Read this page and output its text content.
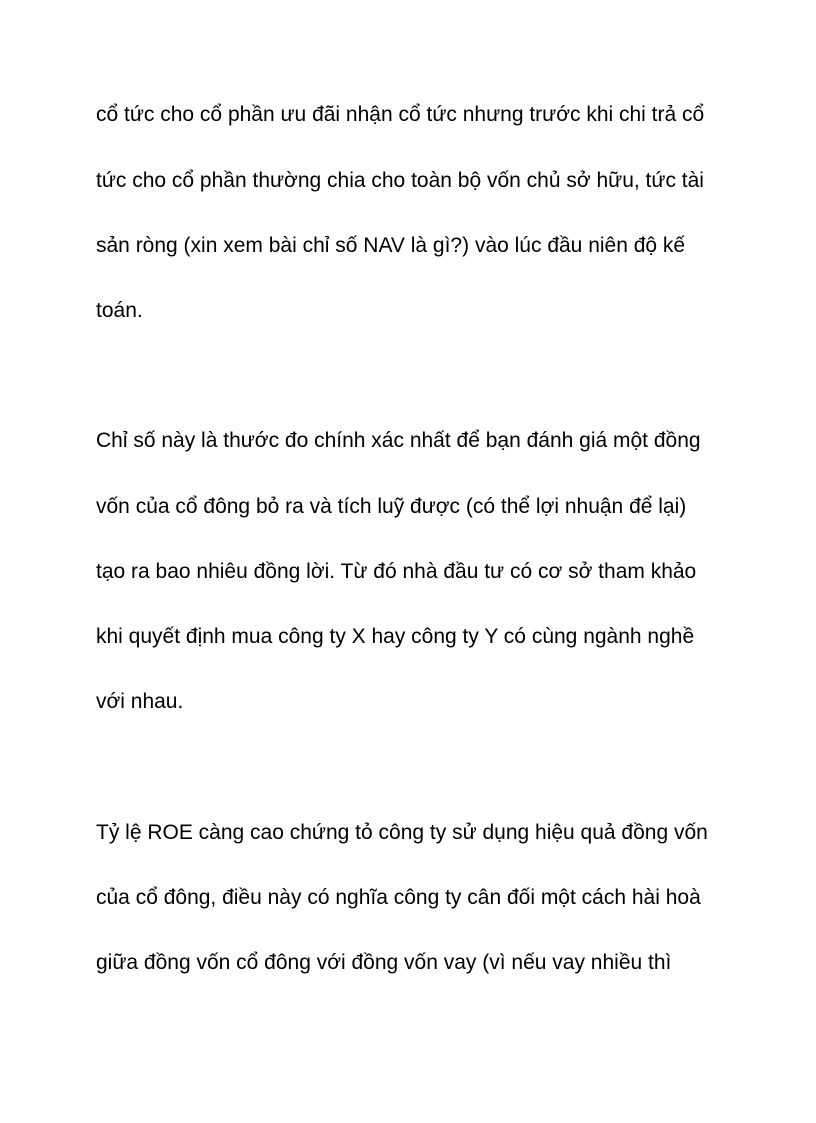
cổ tức cho cổ phần ưu đãi nhận cổ tức nhưng trước khi chi trả cổ

tức cho cổ phần thường chia cho toàn bộ vốn chủ sở hữu, tức tài

sản ròng (xin xem bài chỉ số NAV là gì?) vào lúc đầu niên độ kế

toán.

Chỉ số này là thước đo chính xác nhất để bạn đánh giá một đồng

vốn của cổ đông bỏ ra và tích luỹ được (có thể lợi nhuận để lại)

tạo ra bao nhiêu đồng lời. Từ đó nhà đầu tư có cơ sở tham khảo

khi quyết định mua công ty X hay công ty Y có cùng ngành nghề

với nhau.

Tỷ lệ ROE càng cao chứng tỏ công ty sử dụng hiệu quả đồng vốn

của cổ đông, điều này có nghĩa công ty cân đối một cách hài hoà

giữa đồng vốn cổ đông với đồng vốn vay (vì nếu vay nhiều thì
